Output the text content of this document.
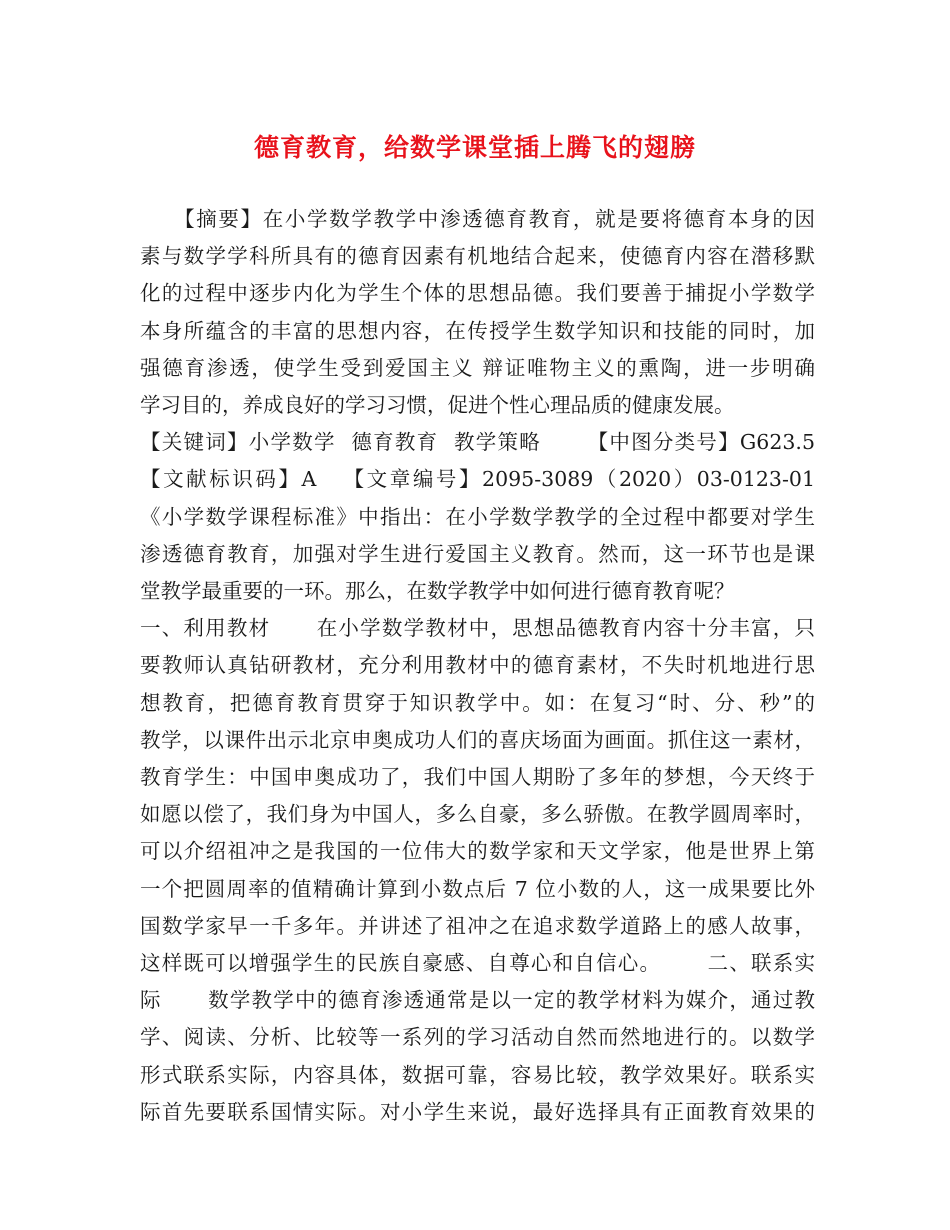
德育教育，给数学课堂插上腾飞的翅膀
　　【摘要】在小学数学教学中渗透德育教育，就是要将德育本身的因
素与数学学科所具有的德育因素有机地结合起来，使德育内容在潜移默
化的过程中逐步内化为学生个体的思想品德。我们要善于捕捉小学数学
本身所蕴含的丰富的思想内容，在传授学生数学知识和技能的同时，加
强德育渗透，使学生受到爱国主义 辩证唯物主义的熏陶，进一步明确
学习目的，养成良好的学习习惯，促进个性心理品质的健康发展。
【关键词】小学数学  德育教育  教学策略      【中图分类号】G623.5
【文献标识码】A   【文章编号】2095-3089（2020）03-0123-01
《小学数学课程标准》中指出：在小学数学教学的全过程中都要对学生
渗透德育教育，加强对学生进行爱国主义教育。然而，这一环节也是课
堂教学最重要的一环。那么，在数学教学中如何进行德育教育呢？
一、利用教材      在小学数学教材中，思想品德教育内容十分丰富，只
要教师认真钻研教材，充分利用教材中的德育素材，不失时机地进行思
想教育，把德育教育贯穿于知识教学中。如：在复习“时、分、秒”的
教学，以课件出示北京申奥成功人们的喜庆场面为画面。抓住这一素材，
教育学生：中国申奥成功了，我们中国人期盼了多年的梦想，今天终于
如愿以偿了，我们身为中国人，多么自豪，多么骄傲。在教学圆周率时，
可以介绍祖冲之是我国的一位伟大的数学家和天文学家，他是世界上第
一个把圆周率的值精确计算到小数点后 7 位小数的人，这一成果要比外
国数学家早一千多年。并讲述了祖冲之在追求数学道路上的感人故事，
这样既可以增强学生的民族自豪感、自尊心和自信心。      二、联系实
际      数学教学中的德育渗透通常是以一定的教学材料为媒介，通过教
学、阅读、分析、比较等一系列的学习活动自然而然地进行的。以数学
形式联系实际，内容具体，数据可靠，容易比较，教学效果好。联系实
际首先要联系国情实际。对小学生来说，最好选择具有正面教育效果的
